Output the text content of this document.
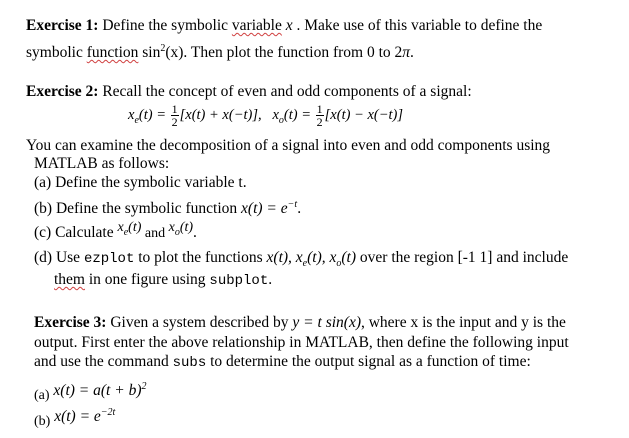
Exercise 1: Define the symbolic variable x . Make use of this variable to define the
symbolic function $\sin^2(x)$. Then plot the function from 0 to 2π.
Exercise 2: Recall the concept of even and odd components of a signal:
$x_e(t) = \frac{1}{2} [x(t) + x(-t)]$, $x_o(t) = \frac{1}{2} [x(t) - x(-t)]$
You can examine the decomposition of a signal into even and odd components using
MATLAB as follows:
(a) Define the symbolic variable t.
(b) Define the symbolic function $x(t) = e^{-t}$.
(c) Calculate $x_e(t)$ and $x_o(t)$.
(d) Use ezplot to plot the functions x(t), $x_e(t)$, $x_o(t)$ over the region [-1 1] and include
them in one figure using subplot.
Exercise 3: Given a system described by y = t sin(x), where x is the input and y is the
output. First enter the above relationship in MATLAB, then define the following input
and use the command subs to determine the output signal as a function of time:
(a) $x(t) = a(t + b)^2$
(b) $x(t) = e^{-2t}$
